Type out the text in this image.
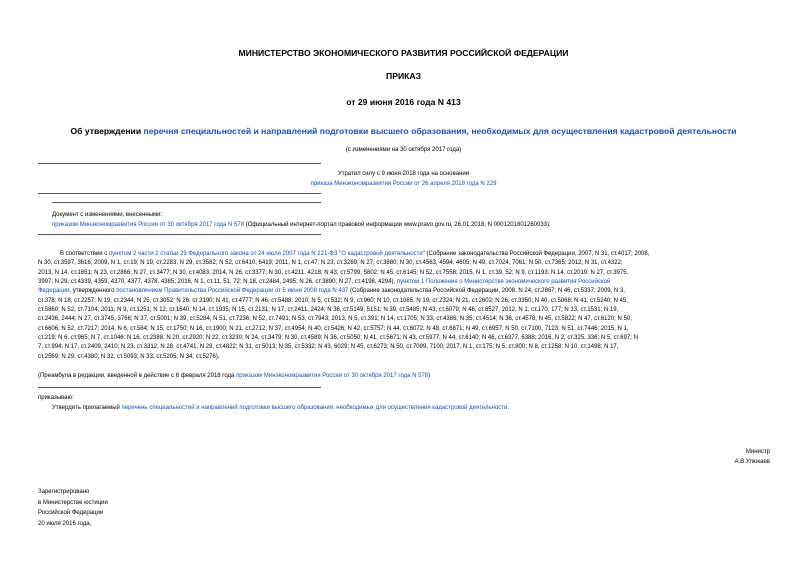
МИНИСТЕРСТВО ЭКОНОМИЧЕСКОГО РАЗВИТИЯ РОССИЙСКОЙ ФЕДЕРАЦИИ
ПРИКАЗ
от 29 июня 2016 года N 413
Об утверждении перечня специальностей и направлений подготовки высшего образования, необходимых для осуществления кадастровой деятельности
(с изменениями на 30 октября 2017 года)
Утратил силу с 9 июня 2018 года на основании
приказа Минэкономразвития России от 26 апреля 2018 года N 229
Документ с изменениями, внесенными:
приказом Минэкономразвития России от 30 октября 2017 года N 578 (Официальный интернет-портал правовой информации www.pravo.gov.ru, 26.01.2018, N 0001201801260033).
В соответствии с пунктом 2 части 2 статьи 29 Федерального закона от 24 июля 2007 года N 221-ФЗ "О кадастровой деятельности" (Собрание законодательства Российской Федерации, 2007, N 31, ст.4017; 2008,
N 30, ст.3597, 3616; 2009, N 1, ст.19; N 19, ст.2283; N 29, ст.3582; N 52, ст.6410, 6419; 2011, N 1, ст.47; N 23, ст.3269; N 27, ст.3880; N 30, ст.4563, 4594, 4605; N 49, ст.7024, 7061; N 50, ст.7365; 2012, N 31, ст.4322;
2013, N 14, ст.1651; N 23, ст.2866; N 27, ст.3477; N 30, ст.4083; 2014, N 26, ст.3377; N 30, ст.4211, 4218; N 43, ст.5799, 5802; N 45, ст.6145; N 52, ст.7558; 2015, N 1, ст.39, 52; N 9, ст.1193; N 14, ст.2019; N 27, ст.3975,
3997; N 29, ст.4339, 4359, 4370, 4377, 4378, 4385; 2016, N 1, ст.11, 51, 72; N 18, ст.2484, 2495; N 26, ст.3890; N 27, ст.4198, 4294), пунктом 1 Положения о Министерстве экономического развития Российской
Федерации, утвержденного постановлением Правительства Российской Федерации от 5 июня 2008 года N 437 (Собрание законодательства Российской Федерации, 2008, N 24, ст.2867; N 46, ст.5337; 2009, N 3,
ст.378; N 18, ст.2257; N 19, ст.2344; N 25, ст.3052; N 26, ст.3190; N 41, ст.4777; N 46, ст.5488; 2010, N 5, ст.532; N 9, ст.960; N 10, ст.1085; N 19, ст.2324; N 21, ст.2602; N 26, ст.3350; N 40, ст.5068; N 41, ст.5240; N 45,
ст.5860; N 52, ст.7104; 2011, N 9, ст.1251; N 12, ст.1640; N 14, ст.1935; N 15, ст.2131; N 17, ст.2411, 2424; N 36, ст.5149, 5151; N 39, ст.5485; N 43, ст.6079; N 46, ст.6527; 2012, N 1, ст.170, 177; N 13, ст.1531; N 19,
ст.2436, 2444; N 27, ст.3745, 3766; N 37, ст.5001; N 39, ст.5284; N 51, ст.7236; N 52, ст.7491; N 53, ст.7943; 2013, N 5, ст.391; N 14, ст.1705; N 33, ст.4386; N 35, ст.4514; N 36, ст.4578; N 45, ст.5822; N 47, ст.6120; N 50,
ст.6606; N 52, ст.7217; 2014, N 6, ст.584; N 15, ст.1750; N 16, ст.1900; N 21, ст.2712; N 37, ст.4954; N 40, ст.5426; N 42, ст.5757; N 44, ст.6072; N 48, ст.6871; N 49, ст.6957; N 50, ст.7100, 7123; N 51, ст.7446; 2015, N 1,
ст.219; N 6, ст.965; N 7, ст.1046; N 16, ст.2388; N 20, ст.2920; N 22, ст.3230; N 24, ст.3479; N 30, ст.4589; N 36, ст.5050; N 41, ст.5671; N 43, ст.5977; N 44, ст.6140; N 46, ст.6377, 6388; 2016, N 2, ст.325, 336; N 5, ст.697; N
7, ст.994; N 17, ст.2409, 2410; N 23, ст.3312; N 28, ст.4741, N 29, ст.4822; N 31, ст.5013; N 35, ст.5332; N 43, 6029; N 45, ст.6273; N 50, ст.7099, 7100; 2017, N 1, ст.175; N 5, ст.800; N 8, ст.1258; N 10, ст.1498; N 17,
ст.2569; N 29, ст.4380; N 32, ст.5093; N 33, ст.5205; N 34, ст.5276),
(Преамбула в редакции, введенной в действие с 6 февраля 2018 года приказом Минэкономразвития России от 30 октября 2017 года N 578)
приказываю:
Утвердить прилагаемый перечень специальностей и направлений подготовки высшего образования, необходимых для осуществления кадастровой деятельности.
Министр
А.В.Улюкаев
Зарегистрировано
в Министерстве юстиции
Российской Федерации
20 июля 2016 года,
